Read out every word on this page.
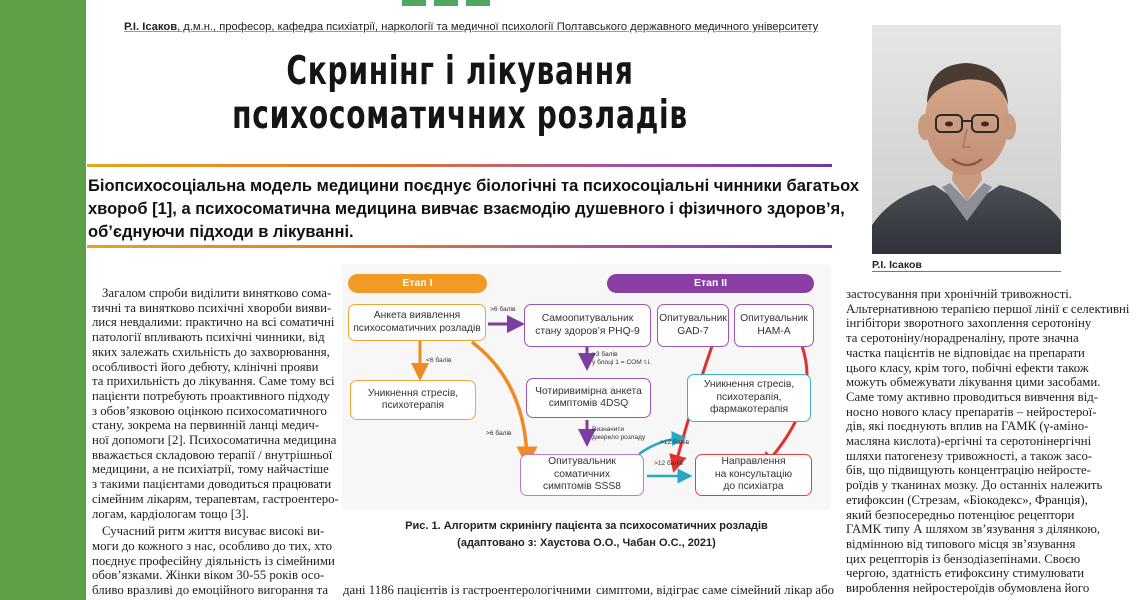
Р.І. Ісаков, д.м.н., професор, кафедра психіатрії, наркології та медичної психології Полтавського державного медичного університету
Скринінг і лікування
психосоматичних розладів
Біопсихосоціальна модель медицини поєднує біологічні та психосоціальні чинники багатьох
хвороб [1], а психосоматична медицина вивчає взаємодію душевного і фізичного здоров’я,
об’єднуючи підходи в лікуванні.
Р.І. Ісаков
Загалом спроби виділити винятково сома-
тичні та винятково психічні хвороби вияви-
лися невдалими: практично на всі соматичні
патології впливають психічні чинники, від
яких залежать схильність до захворювання,
особливості його дебюту, клінічні прояви
та прихильність до лікування. Саме тому всі
пацієнти потребують проактивного підходу
з обов’язковою оцінкою психосоматичного
стану, зокрема на первинній ланці медич-
ної допомоги [2]. Психосоматична медицина
вважається складовою терапії / внутрішньої
медицини, а не психіатрії, тому найчастіше
з такими пацієнтами доводиться працювати
сімейним лікарям, терапевтам, гастроентеро-
логам, кардіологам тощо [3].
Сучасний ритм життя висуває високі ви-
моги до кожного з нас, особливо до тих, хто
поєднує професійну діяльність із сімейними
обов’язками. Жінки віком 30-55 років осо-
бливо вразливі до емоційного вигорання та
застосування при хронічній тривожності.
Альтернативною терапією першої лінії є селективні
інгібітори зворотного захоплення серотоніну
та серотоніну/норадреналіну, проте значна
частка пацієнтів не відповідає на препарати
цього класу, крім того, побічні ефекти також
можуть обмежувати лікування цими засобами.
Саме тому активно проводиться вивчення від-
носно нового класу препаратів – нейростерої-
дів, які поєднують вплив на ГАМК (γ-аміно-
масляна кислота)-ергічні та серотонінергічні
шляхи патогенезу тривожності, а також засо-
бів, що підвищують концентрацію нейросте-
роїдів у тканинах мозку. До останніх належить
етифоксин (Стрезам, «Біокодекс», Франція),
який безпосередньо потенціює рецептори
ГАМК типу А шляхом зв’язування з ділянкою,
відмінною від типового місця зв’язування
цих рецепторів із бензодіазепінами. Своєю
чергою, здатність етифоксину стимулювати
вироблення нейростероїдів обумовлена його
дані 1186 пацієнтів із гастроентерологічними симптоми, відіграє саме сімейний лікар або
Етап I	Етап II
Анкета виявлення
психосоматичних розладів
Самоопитувальник
стану здоров’я PHQ-9
Опитувальник
GAD-7
Опитувальник
HAM-A
Уникнення стресів,
психотерапія
Чотиривимірна анкета
симптомів 4DSQ
Уникнення стресів,
психотерапія,
фармакотерапія
Опитувальник
соматичних
симптомів SSS8
Направлення
на консультацію
до психіатра
>6 балів
<6 балів
>3 балів
у блоці 1 = СОМ т.і.
>6 балів
Визначити
джерело розладу
>12 балів
>12 балів
Рис. 1. Алгоритм скринінгу пацієнта за психосоматичних розладів
(адаптовано з: Хаустова О.О., Чабан О.С., 2021)
